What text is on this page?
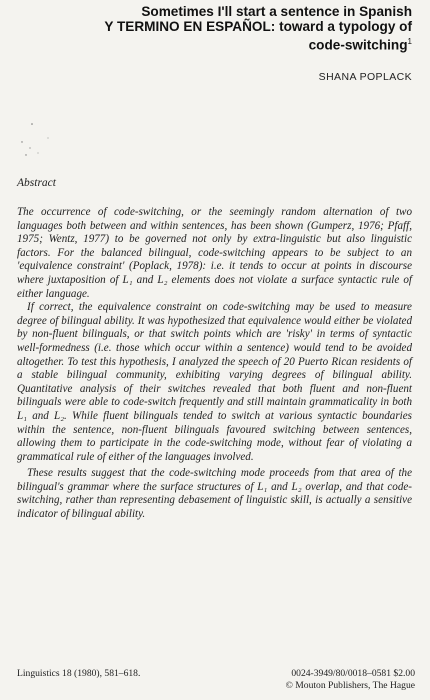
Sometimes I'll start a sentence in Spanish
Y TERMINO EN ESPAÑOL: toward a typology of
code-switching$^1$
SHANA POPLACK
Abstract

The occurrence of code-switching, or the seemingly random alternation of two languages both between and within sentences, has been shown (Gumperz, 1976; Pfaff, 1975; Wentz, 1977) to be governed not only by extra-linguistic but also linguistic factors. For the balanced bilingual, code-switching appears to be subject to an 'equivalence constraint' (Poplack, 1978): i.e. it tends to occur at points in discourse where juxtaposition of L₁ and L₂ elements does not violate a surface syntactic rule of either language.

If correct, the equivalence constraint on code-switching may be used to measure degree of bilingual ability. It was hypothesized that equivalence would either be violated by non-fluent bilinguals, or that switch points which are 'risky' in terms of syntactic well-formedness (i.e. those which occur within a sentence) would tend to be avoided altogether. To test this hypothesis, I analyzed the speech of 20 Puerto Rican residents of a stable bilingual community, exhibiting varying degrees of bilingual ability. Quantitative analysis of their switches revealed that both fluent and non-fluent bilinguals were able to code-switch frequently and still maintain grammaticality in both L₁ and L₂. While fluent bilinguals tended to switch at various syntactic boundaries within the sentence, non-fluent bilinguals favoured switching between sentences, allowing them to participate in the code-switching mode, without fear of violating a grammatical rule of either of the languages involved.

These results suggest that the code-switching mode proceeds from that area of the bilingual's grammar where the surface structures of L₁ and L₂ overlap, and that code-switching, rather than representing debasement of linguistic skill, is actually a sensitive indicator of bilingual ability.

Linguistics 18 (1980), 581–618.	0024-3949/80/0018–0581 $2.00
© Mouton Publishers, The Hague
